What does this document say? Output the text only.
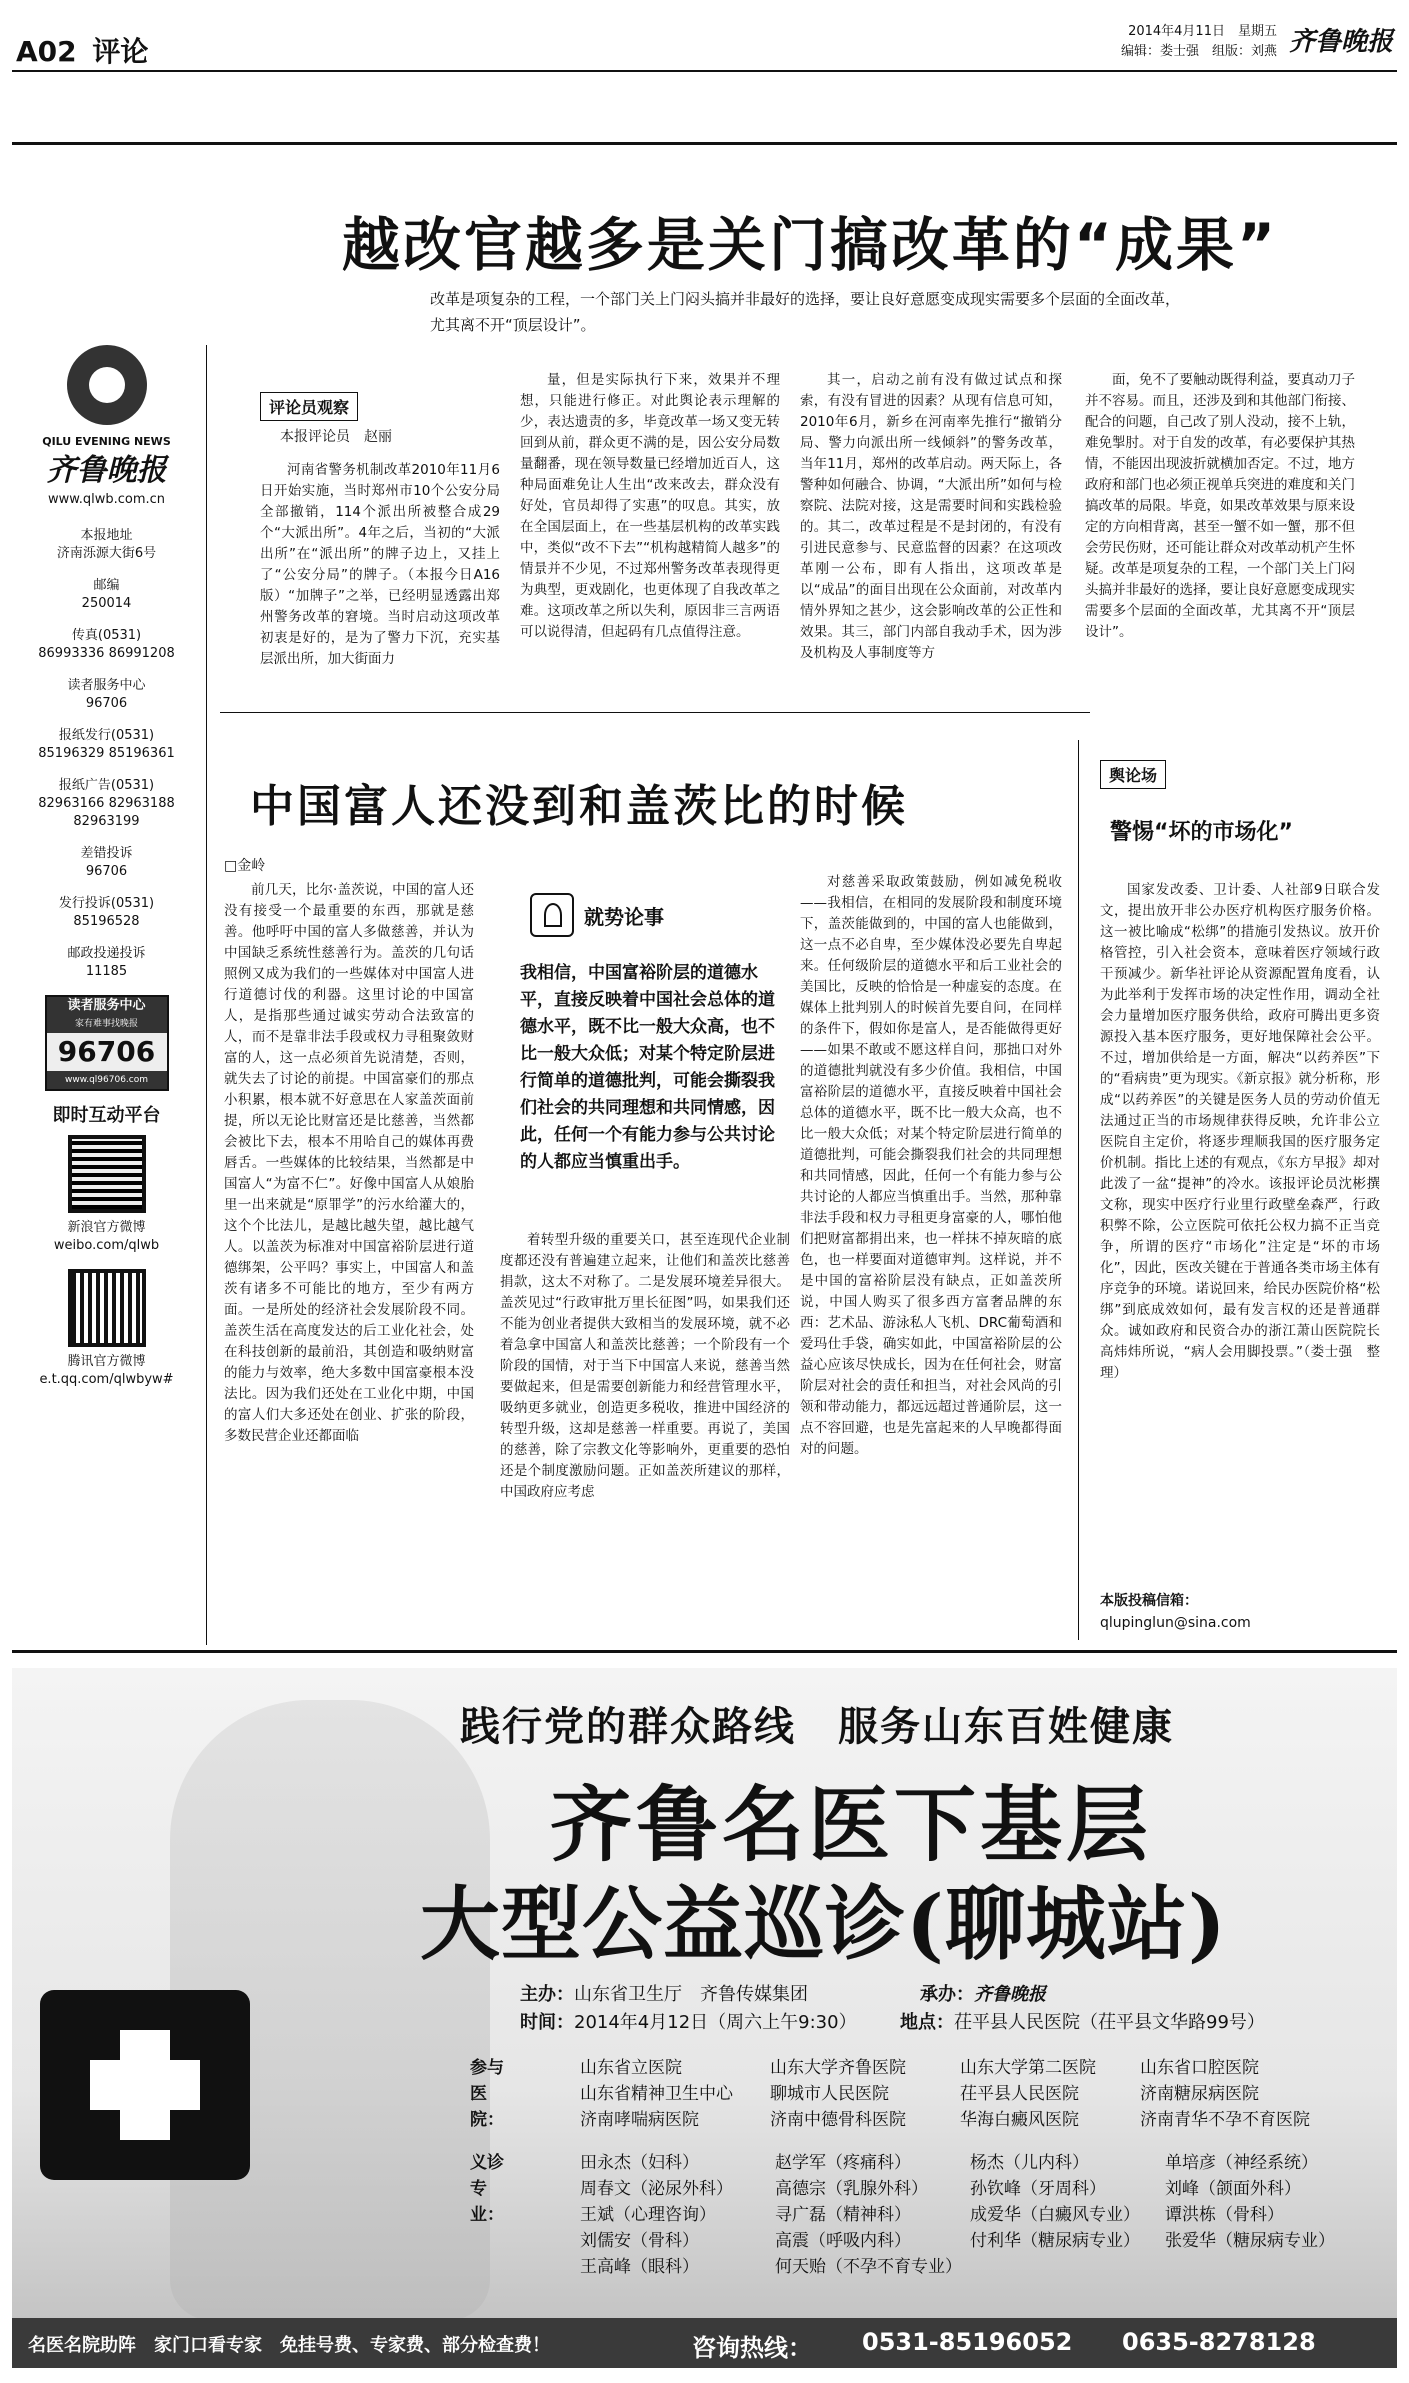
A02 评论
2014年4月11日　星期五
编辑：娄士强　组版：刘燕 齐鲁晚报
QILU EVENING NEWS
齐鲁晚报
www.qlwb.com.cn
本报地址
济南泺源大街6号
邮编
250014
传真(0531)
86993336 86991208
读者服务中心
96706
报纸发行(0531)
85196329 85196361
报纸广告(0531)
82963166 82963188
82963199
差错投诉
96706
发行投诉(0531)
85196528
邮政投递投诉
11185
读者服务中心
家有难事找晚报
96706
www.ql96706.com
即时互动平台
新浪官方微博
weibo.com/qlwb
腾讯官方微博
e.t.qq.com/qlwbyw#
越改官越多是关门搞改革的“成果”
改革是项复杂的工程，一个部门关上门闷头搞并非最好的选择，要让良好意愿变成现实需要多个层面的全面改革，尤其离不开“顶层设计”。
评论员观察
本报评论员　赵丽

河南省警务机制改革2010年11月6日开始实施，当时郑州市10个公安分局全部撤销，114个派出所被整合成29个“大派出所”。4年之后，当初的“大派出所”在“派出所”的牌子边上，又挂上了“公安分局”的牌子。（本报今日A16版）“加牌子”之举，已经明显透露出郑州警务改革的窘境。当时启动这项改革初衷是好的，是为了警力下沉，充实基层派出所，加大街面力

量，但是实际执行下来，效果并不理想，只能进行修正。对此舆论表示理解的少，表达遗责的多，毕竟改革一场又变无转回到从前，群众更不满的是，因公安分局数量翻番，现在领导数量已经增加近百人，这种局面难免让人生出“改来改去，群众没有好处，官员却得了实惠”的叹息。其实，放在全国层面上，在一些基层机构的改革实践中，类似“改不下去”“机构越精简人越多”的情景并不少见，不过郑州警务改革表现得更为典型，更戏剧化，也更体现了自我改革之难。这项改革之所以失利，原因非三言两语可以说得清，但起码有几点值得注意。

其一，启动之前有没有做过试点和探索，有没有冒进的因素？从现有信息可知，2010年6月，新乡在河南率先推行“撤销分局、警力向派出所一线倾斜”的警务改革，当年11月，郑州的改革启动。两天际上，各警种如何融合、协调，“大派出所”如何与检察院、法院对接，这是需要时间和实践检验的。其二，改革过程是不是封闭的，有没有引进民意参与、民意监督的因素？在这项改革刚一公布，即有人指出，这项改革是以“成品”的面目出现在公众面前，对改革内情外界知之甚少，这会影响改革的公正性和效果。其三，部门内部自我动手术，因为涉及机构及人事制度等方

面，免不了要触动既得利益，要真动刀子并不容易。而且，还涉及到和其他部门衔接、配合的问题，自己改了别人没动，接不上轨，难免掣肘。对于自发的改革，有必要保护其热情，不能因出现波折就横加否定。不过，地方政府和部门也必须正视单兵突进的难度和关门搞改革的局限。毕竟，如果改革效果与原来设定的方向相背离，甚至一蟹不如一蟹，那不但会劳民伤财，还可能让群众对改革动机产生怀疑。改革是项复杂的工程，一个部门关上门闷头搞并非最好的选择，要让良好意愿变成现实需要多个层面的全面改革，尤其离不开“顶层设计”。

中国富人还没到和盖茨比的时候
□金岭

前几天，比尔·盖茨说，中国的富人还没有接受一个最重要的东西，那就是慈善。他呼吁中国的富人多做慈善，并认为中国缺乏系统性慈善行为。盖茨的几句话照例又成为我们的一些媒体对中国富人进行道德讨伐的利器。这里讨论的中国富人，是指那些通过诚实劳动合法致富的人，而不是靠非法手段或权力寻租聚敛财富的人，这一点必须首先说清楚，否则，就失去了讨论的前提。中国富豪们的那点小积累，根本就不好意思在人家盖茨面前提，所以无论比财富还是比慈善，当然都会被比下去，根本不用哈自己的媒体再费唇舌。一些媒体的比较结果，当然都是中国富人“为富不仁”。好像中国富人从娘胎里一出来就是“原罪学”的污水给灌大的，这个个比法儿，是越比越失望，越比越气人。以盖茨为标准对中国富裕阶层进行道德绑架，公平吗？事实上，中国富人和盖茨有诸多不可能比的地方，至少有两方面。一是所处的经济社会发展阶段不同。盖茨生活在高度发达的后工业化社会，处在科技创新的最前沿，其创造和吸纳财富的能力与效率，绝大多数中国富豪根本没法比。因为我们还处在工业化中期，中国的富人们大多还处在创业、扩张的阶段，多数民营企业还都面临

就势论事
我相信，中国富裕阶层的道德水平，直接反映着中国社会总体的道德水平，既不比一般大众高，也不比一般大众低；对某个特定阶层进行简单的道德批判，可能会撕裂我们社会的共同理想和共同情感，因此，任何一个有能力参与公共讨论的人都应当慎重出手。

着转型升级的重要关口，甚至连现代企业制度都还没有普遍建立起来，让他们和盖茨比慈善捐款，这太不对称了。二是发展环境差异很大。盖茨见过“行政审批万里长征图”吗，如果我们还不能为创业者提供大致相当的发展环境，就不必着急拿中国富人和盖茨比慈善；一个阶段有一个阶段的国情，对于当下中国富人来说，慈善当然要做起来，但是需要创新能力和经营管理水平，吸纳更多就业，创造更多税收，推进中国经济的转型升级，这却是慈善一样重要。再说了，美国的慈善，除了宗教文化等影响外，更重要的恐怕还是个制度激励问题。正如盖茨所建议的那样，中国政府应考虑

对慈善采取政策鼓励，例如减免税收——我相信，在相同的发展阶段和制度环境下，盖茨能做到的，中国的富人也能做到，这一点不必自卑，至少媒体没必要先自卑起来。任何级阶层的道德水平和后工业社会的美国比，反映的恰恰是一种虚妄的态度。在媒体上批判别人的时候首先要自问，在同样的条件下，假如你是富人，是否能做得更好——如果不敢或不愿这样自问，那拙口对外的道德批判就没有多少价值。我相信，中国富裕阶层的道德水平，直接反映着中国社会总体的道德水平，既不比一般大众高，也不比一般大众低；对某个特定阶层进行简单的道德批判，可能会撕裂我们社会的共同理想和共同情感，因此，任何一个有能力参与公共讨论的人都应当慎重出手。当然，那种靠非法手段和权力寻租更身富豪的人，哪怕他们把财富都捐出来，也一样抹不掉灰暗的底色，也一样要面对道德审判。这样说，并不是中国的富裕阶层没有缺点，正如盖茨所说，中国人购买了很多西方富奢品牌的东西：艺术品、游泳私人飞机、DRC葡萄酒和爱玛仕手袋，确实如此，中国富裕阶层的公益心应该尽快成长，因为在任何社会，财富阶层对社会的责任和担当，对社会风尚的引领和带动能力，都远远超过普通阶层，这一点不容回避，也是先富起来的人早晚都得面对的问题。

舆论场
警惕“坏的市场化”

国家发改委、卫计委、人社部9日联合发文，提出放开非公办医疗机构医疗服务价格。这一被比喻成“松绑”的措施引发热议。放开价格管控，引入社会资本，意味着医疗领域行政干预减少。新华社评论从资源配置角度看，认为此举利于发挥市场的决定性作用，调动全社会力量增加医疗服务供给，政府可腾出更多资源投入基本医疗服务，更好地保障社会公平。不过，增加供给是一方面，解决“以药养医”下的“看病贵”更为现实。《新京报》就分析称，形成“以药养医”的关键是医务人员的劳动价值无法通过正当的市场规律获得反映，允许非公立医院自主定价，将逐步理顺我国的医疗服务定价机制。指比上述的有观点，《东方早报》却对此泼了一盆“提神”的冷水。该报评论员沈彬撰文称，现实中医疗行业里行政壁垒森严，行政积弊不除，公立医院可依托公权力搞不正当竞争，所谓的医疗“市场化”注定是“坏的市场化”，因此，医改关键在于普通各类市场主体有序竞争的环境。诺说回来，给民办医院价格“松绑”到底成效如何，最有发言权的还是普通群众。诚如政府和民资合办的浙江萧山医院院长高炜炜所说，“病人会用脚投票。”（娄士强　整理）

本版投稿信箱：
qlupinglun@sina.com
践行党的群众路线　服务山东百姓健康
齐鲁名医下基层
大型公益巡诊(聊城站)
主办：山东省卫生厅　齐鲁传媒集团	承办：齐鲁晚报
时间：2014年4月12日（周六上午9:30） 地点：茌平县人民医院（茌平县文华路99号）
参与医院：
山东省立医院	山东大学齐鲁医院	山东大学第二医院	山东省口腔医院
山东省精神卫生中心	聊城市人民医院	茌平县人民医院	济南糖尿病医院
济南哮喘病医院	济南中德骨科医院	华海白癜风医院	济南青华不孕不育医院
义诊专业：
田永杰（妇科）	赵学军（疼痛科）	杨杰（儿内科）	单培彦（神经系统）
周春文（泌尿外科）	高德宗（乳腺外科）	孙钦峰（牙周科）	刘峰（颌面外科）
王斌（心理咨询）	寻广磊（精神科）	成爱华（白癜风专业）	谭洪栋（骨科）
刘儒安（骨科）	高震（呼吸内科）	付利华（糖尿病专业）	张爱华（糖尿病专业）
王高峰（眼科）	何天贻（不孕不育专业）
名医名院助阵　家门口看专家　免挂号费、专家费、部分检查费！	咨询热线： 0531-85196052 0635-8278128
